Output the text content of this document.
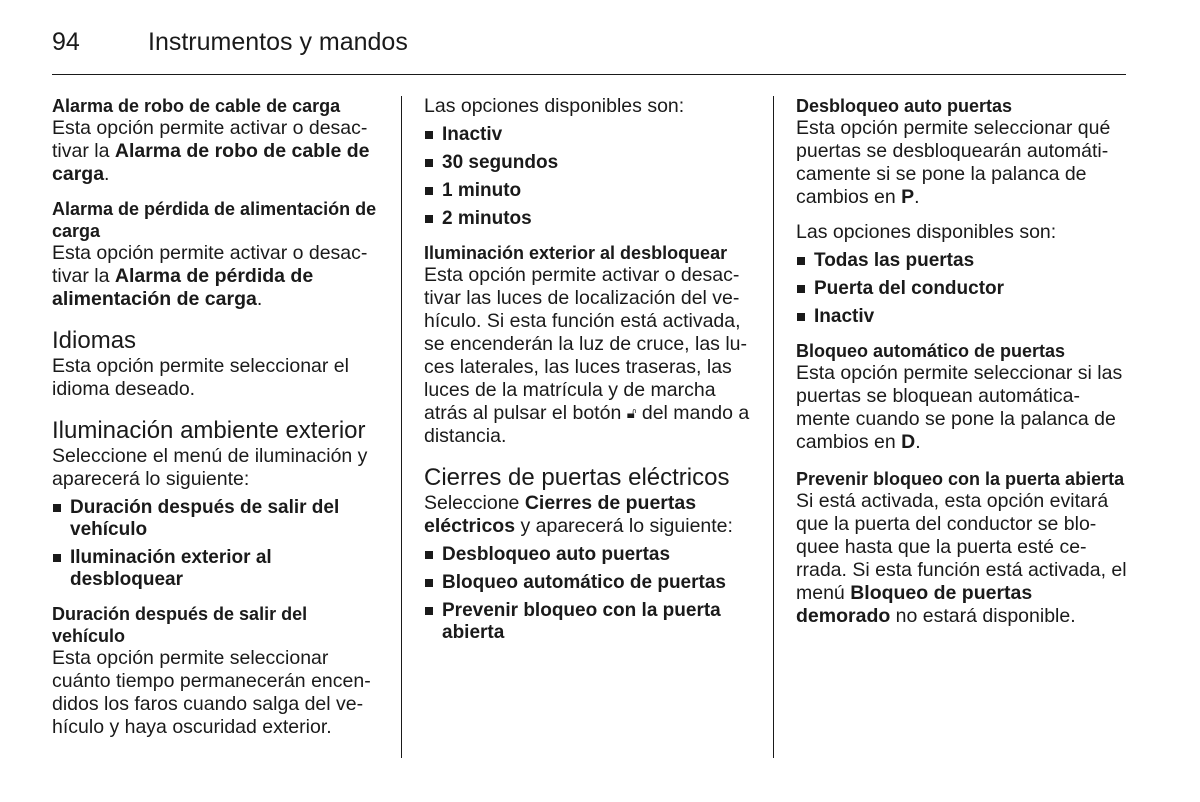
94	Instrumentos y mandos

Alarma de robo de cable de carga

Esta opción permite activar o desac-tivar la Alarma de robo de cable de carga.

Alarma de pérdida de alimentación de carga

Esta opción permite activar o desac-tivar la Alarma de pérdida de alimentación de carga.

Idiomas

Esta opción permite seleccionar el idioma deseado.

Iluminación ambiente exterior

Seleccione el menú de iluminación y aparecerá lo siguiente:

Duración después de salir del vehículo
Iluminación exterior al desbloquear

Duración después de salir del vehículo

Esta opción permite seleccionar cuánto tiempo permanecerán encen-didos los faros cuando salga del ve-hículo y haya oscuridad exterior.

Las opciones disponibles son:

Inactiv
30 segundos
1 minuto
2 minutos

Iluminación exterior al desbloquear

Esta opción permite activar o desac-tivar las luces de localización del ve-hículo. Si esta función está activada, se encenderán la luz de cruce, las lu-ces laterales, las luces traseras, las luces de la matrícula y de marcha atrás al pulsar el botón 🔓︎ del mando a distancia.

Cierres de puertas eléctricos

Seleccione Cierres de puertas eléctricos y aparecerá lo siguiente:

Desbloqueo auto puertas
Bloqueo automático de puertas
Prevenir bloqueo con la puerta abierta

Desbloqueo auto puertas

Esta opción permite seleccionar qué puertas se desbloquearán automáti-camente si se pone la palanca de cambios en P.

Las opciones disponibles son:

Todas las puertas
Puerta del conductor
Inactiv

Bloqueo automático de puertas

Esta opción permite seleccionar si las puertas se bloquean automática-mente cuando se pone la palanca de cambios en D.

Prevenir bloqueo con la puerta abierta

Si está activada, esta opción evitará que la puerta del conductor se blo-quee hasta que la puerta esté ce-rrada. Si esta función está activada, el menú Bloqueo de puertas demorado no estará disponible.
